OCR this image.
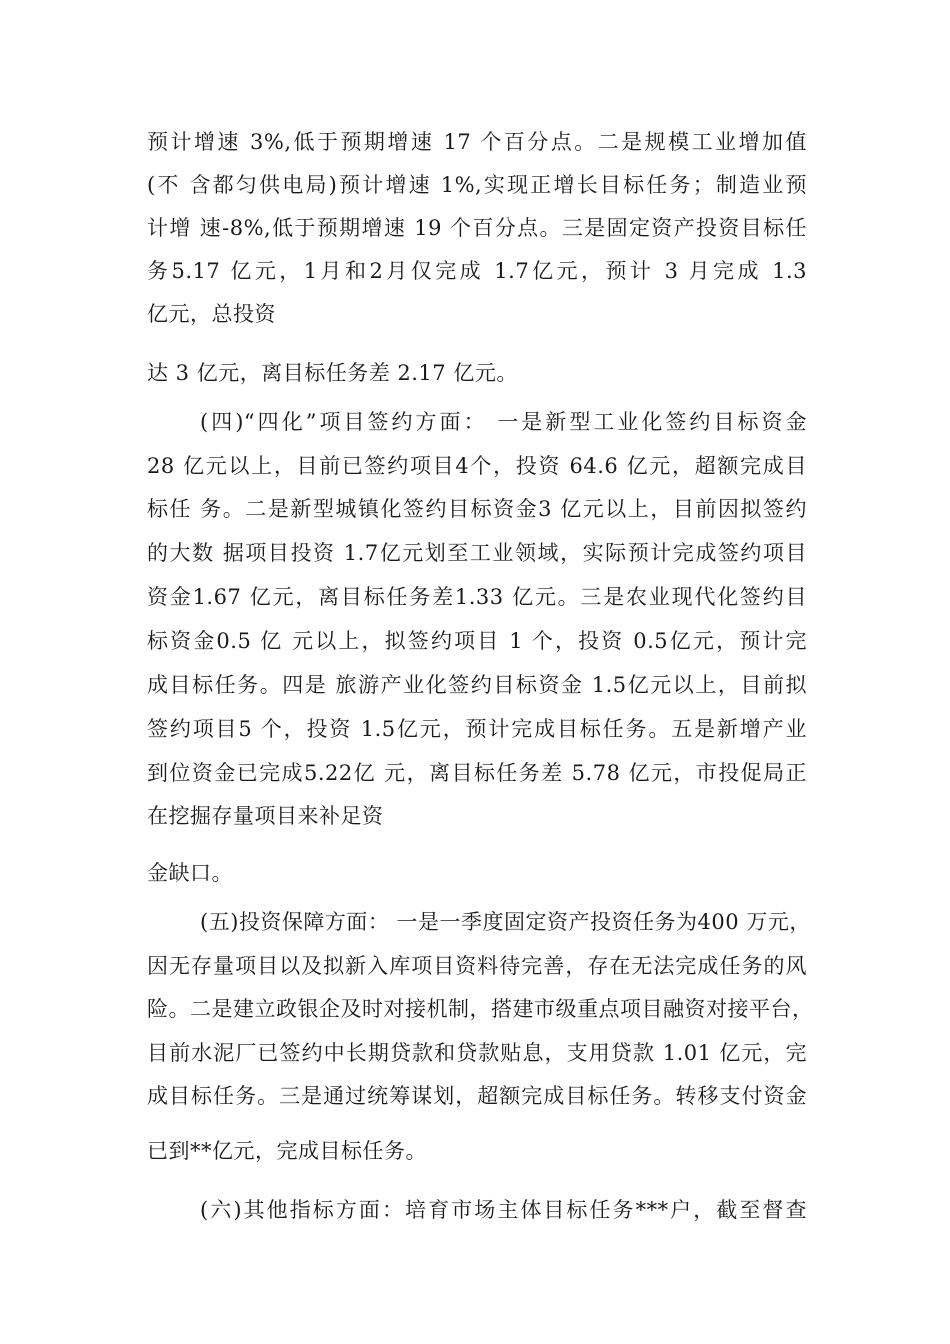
预计增速 3%,低于预期增速 17 个百分点。二是规模工业增加值
(不 含都匀供电局)预计增速 1%,实现正增长目标任务；制造业预
计增 速-8%,低于预期增速 19 个百分点。三是固定资产投资目标任
务5.17 亿元，1月和2月仅完成 1.7亿元，预计 3 月完成 1.3
亿元，总投资
达 3 亿元，离目标任务差 2.17 亿元。
(四)“四化”项目签约方面： 一是新型工业化签约目标资金
28 亿元以上，目前已签约项目4个，投资 64.6 亿元，超额完成目
标任 务。二是新型城镇化签约目标资金3 亿元以上，目前因拟签约
的大数 据项目投资 1.7亿元划至工业领域，实际预计完成签约项目
资金1.67 亿元，离目标任务差1.33 亿元。三是农业现代化签约目
标资金0.5 亿 元以上，拟签约项目 1 个，投资 0.5亿元，预计完
成目标任务。四是 旅游产业化签约目标资金 1.5亿元以上，目前拟
签约项目5 个，投资 1.5亿元，预计完成目标任务。五是新增产业
到位资金已完成5.22亿 元，离目标任务差 5.78 亿元，市投促局正
在挖掘存量项目来补足资
金缺口。
(五)投资保障方面： 一是一季度固定资产投资任务为400 万元，
因无存量项目以及拟新入库项目资料待完善，存在无法完成任务的风
险。二是建立政银企及时对接机制，搭建市级重点项目融资对接平台，
目前水泥厂已签约中长期贷款和贷款贴息，支用贷款 1.01 亿元，完
成目标任务。三是通过统筹谋划，超额完成目标任务。转移支付资金
已到**亿元，完成目标任务。
(六)其他指标方面：培育市场主体目标任务***户，截至督查
